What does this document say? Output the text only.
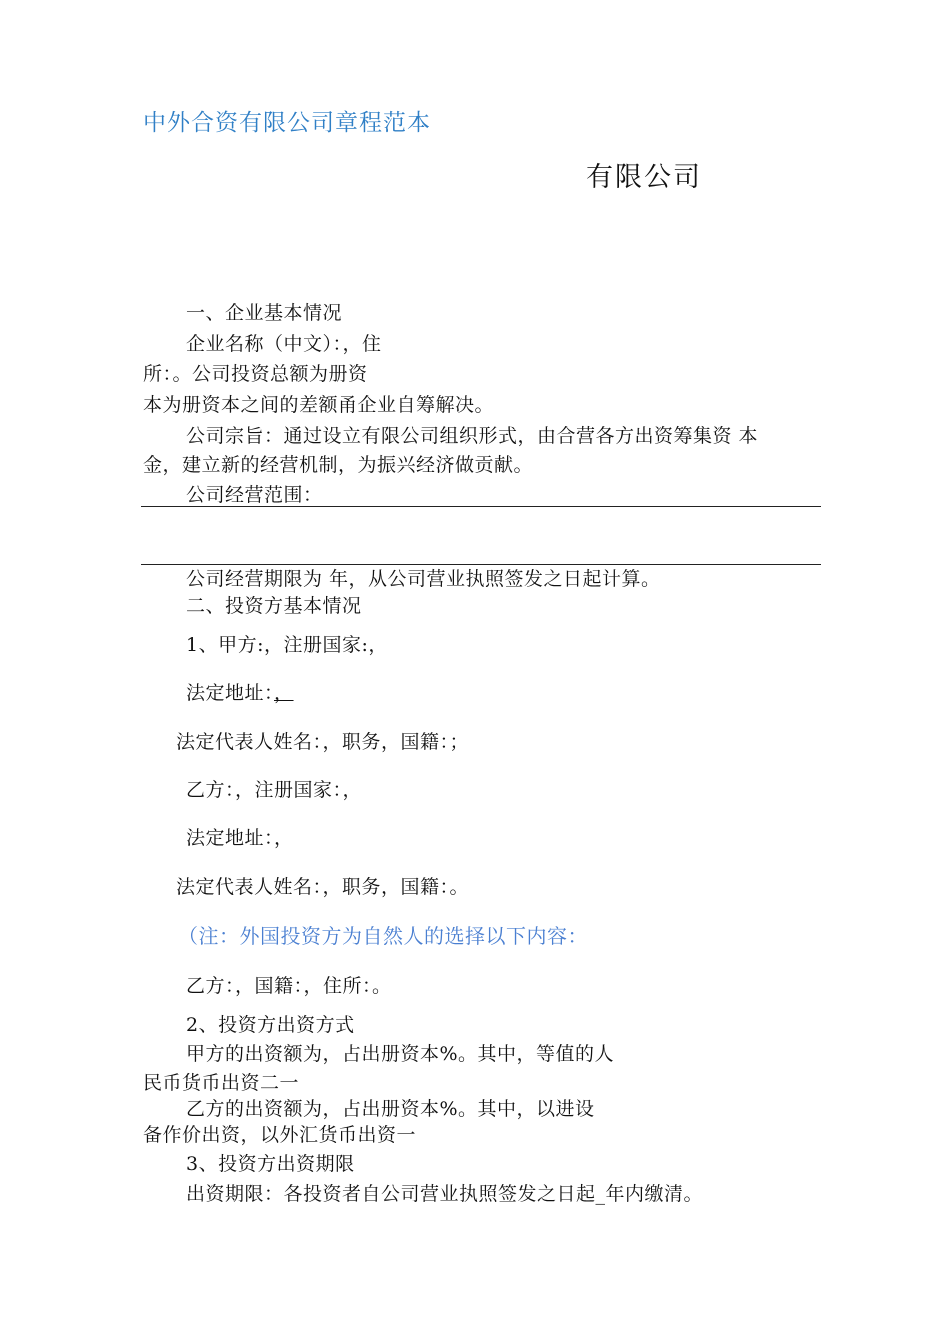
中外合资有限公司章程范本
有限公司
一、企业基本情况
企业名称（中文）：，住
所：。公司投资总额为册资
本为册资本之间的差额甬企业自筹解决。
公司宗旨：通过设立有限公司组织形式，由合营各方出资筹集资 本
金，建立新的经营机制，为振兴经济做贡献。
公司经营范围：
公司经营期限为 年，从公司营业执照签发之日起计算。
二、投资方基本情况
1、甲方:，注册国家:，
法定地址：，
法定代表人姓名：，职务，国籍：；
乙方：，注册国家：，
法定地址：，
法定代表人姓名：，职务，国籍：。
（注：外国投资方为自然人的选择以下内容：
乙方：，国籍：，住所：。
2、投资方出资方式
甲方的出资额为，占出册资本%。其中，等值的人
民币货币出资二一
乙方的出资额为，占出册资本%。其中，以进设
备作价出资，以外汇货币出资一
3、投资方出资期限
出资期限：各投资者自公司营业执照签发之日起_年内缴清。
